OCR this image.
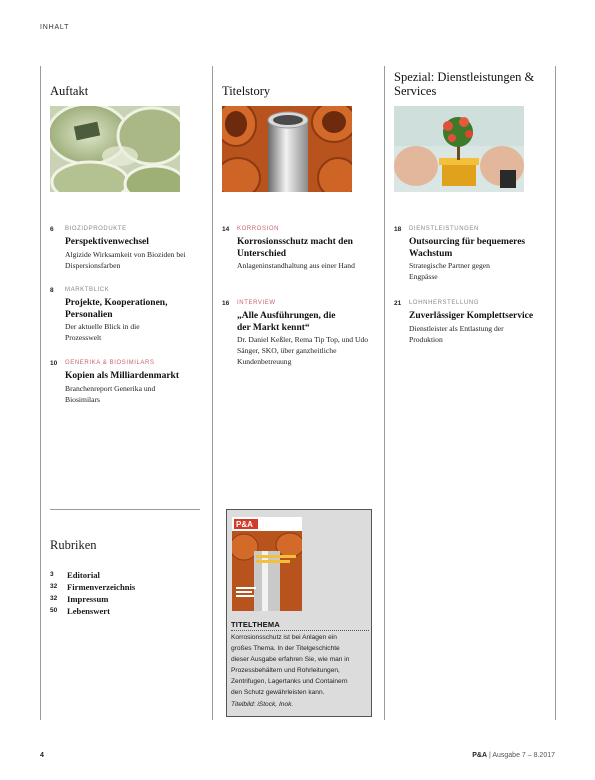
INHALT
Auftakt
6 BIOZIDPRODUKTE
Perspektivenwechsel
Algizide Wirksamkeit von Bioziden bei Dispersionsfarben
8 MARKTBLICK
Projekte, Kooperationen, Personalien
Der aktuelle Blick in die Prozesswelt
10 GENERIKA & BIOSIMILARS
Kopien als Milliardenmarkt
Branchenreport Generika und Biosimilars
Titelstory
14 KORROSION
Korrosionsschutz macht den Unterschied
Anlageninstandhaltung aus einer Hand
16 INTERVIEW
„Alle Ausführungen, die der Markt kennt“
Dr. Daniel Keßler, Rema Tip Top, und Udo Sänger, SKO, über ganzheitliche Kundenbetreuung
Spezial: Dienstleistungen & Services
18 DIENSTLEISTUNGEN
Outsourcing für bequemeres Wachstum
Strategische Partner gegen Engpässe
21 LOHNHERSTELLUNG
Zuverlässiger Komplettservice
Dienstleister als Entlastung der Produktion
Rubriken
3 Editorial
32 Firmenverzeichnis
32 Impressum
50 Lebenswert
P&A
TITELTHEMA
Korrosionsschutz ist bei Anlagen ein
großes Thema. In der Titelgeschichte
dieser Ausgabe erfahren Sie, wie man in
Prozessbehältern und Rohrleitungen,
Zentrifugen, Lagertanks und Containern
den Schutz gewährleisten kann.
Titelbild: iStock, Inok.
4	P&A | Ausgabe 7 – 8.2017
